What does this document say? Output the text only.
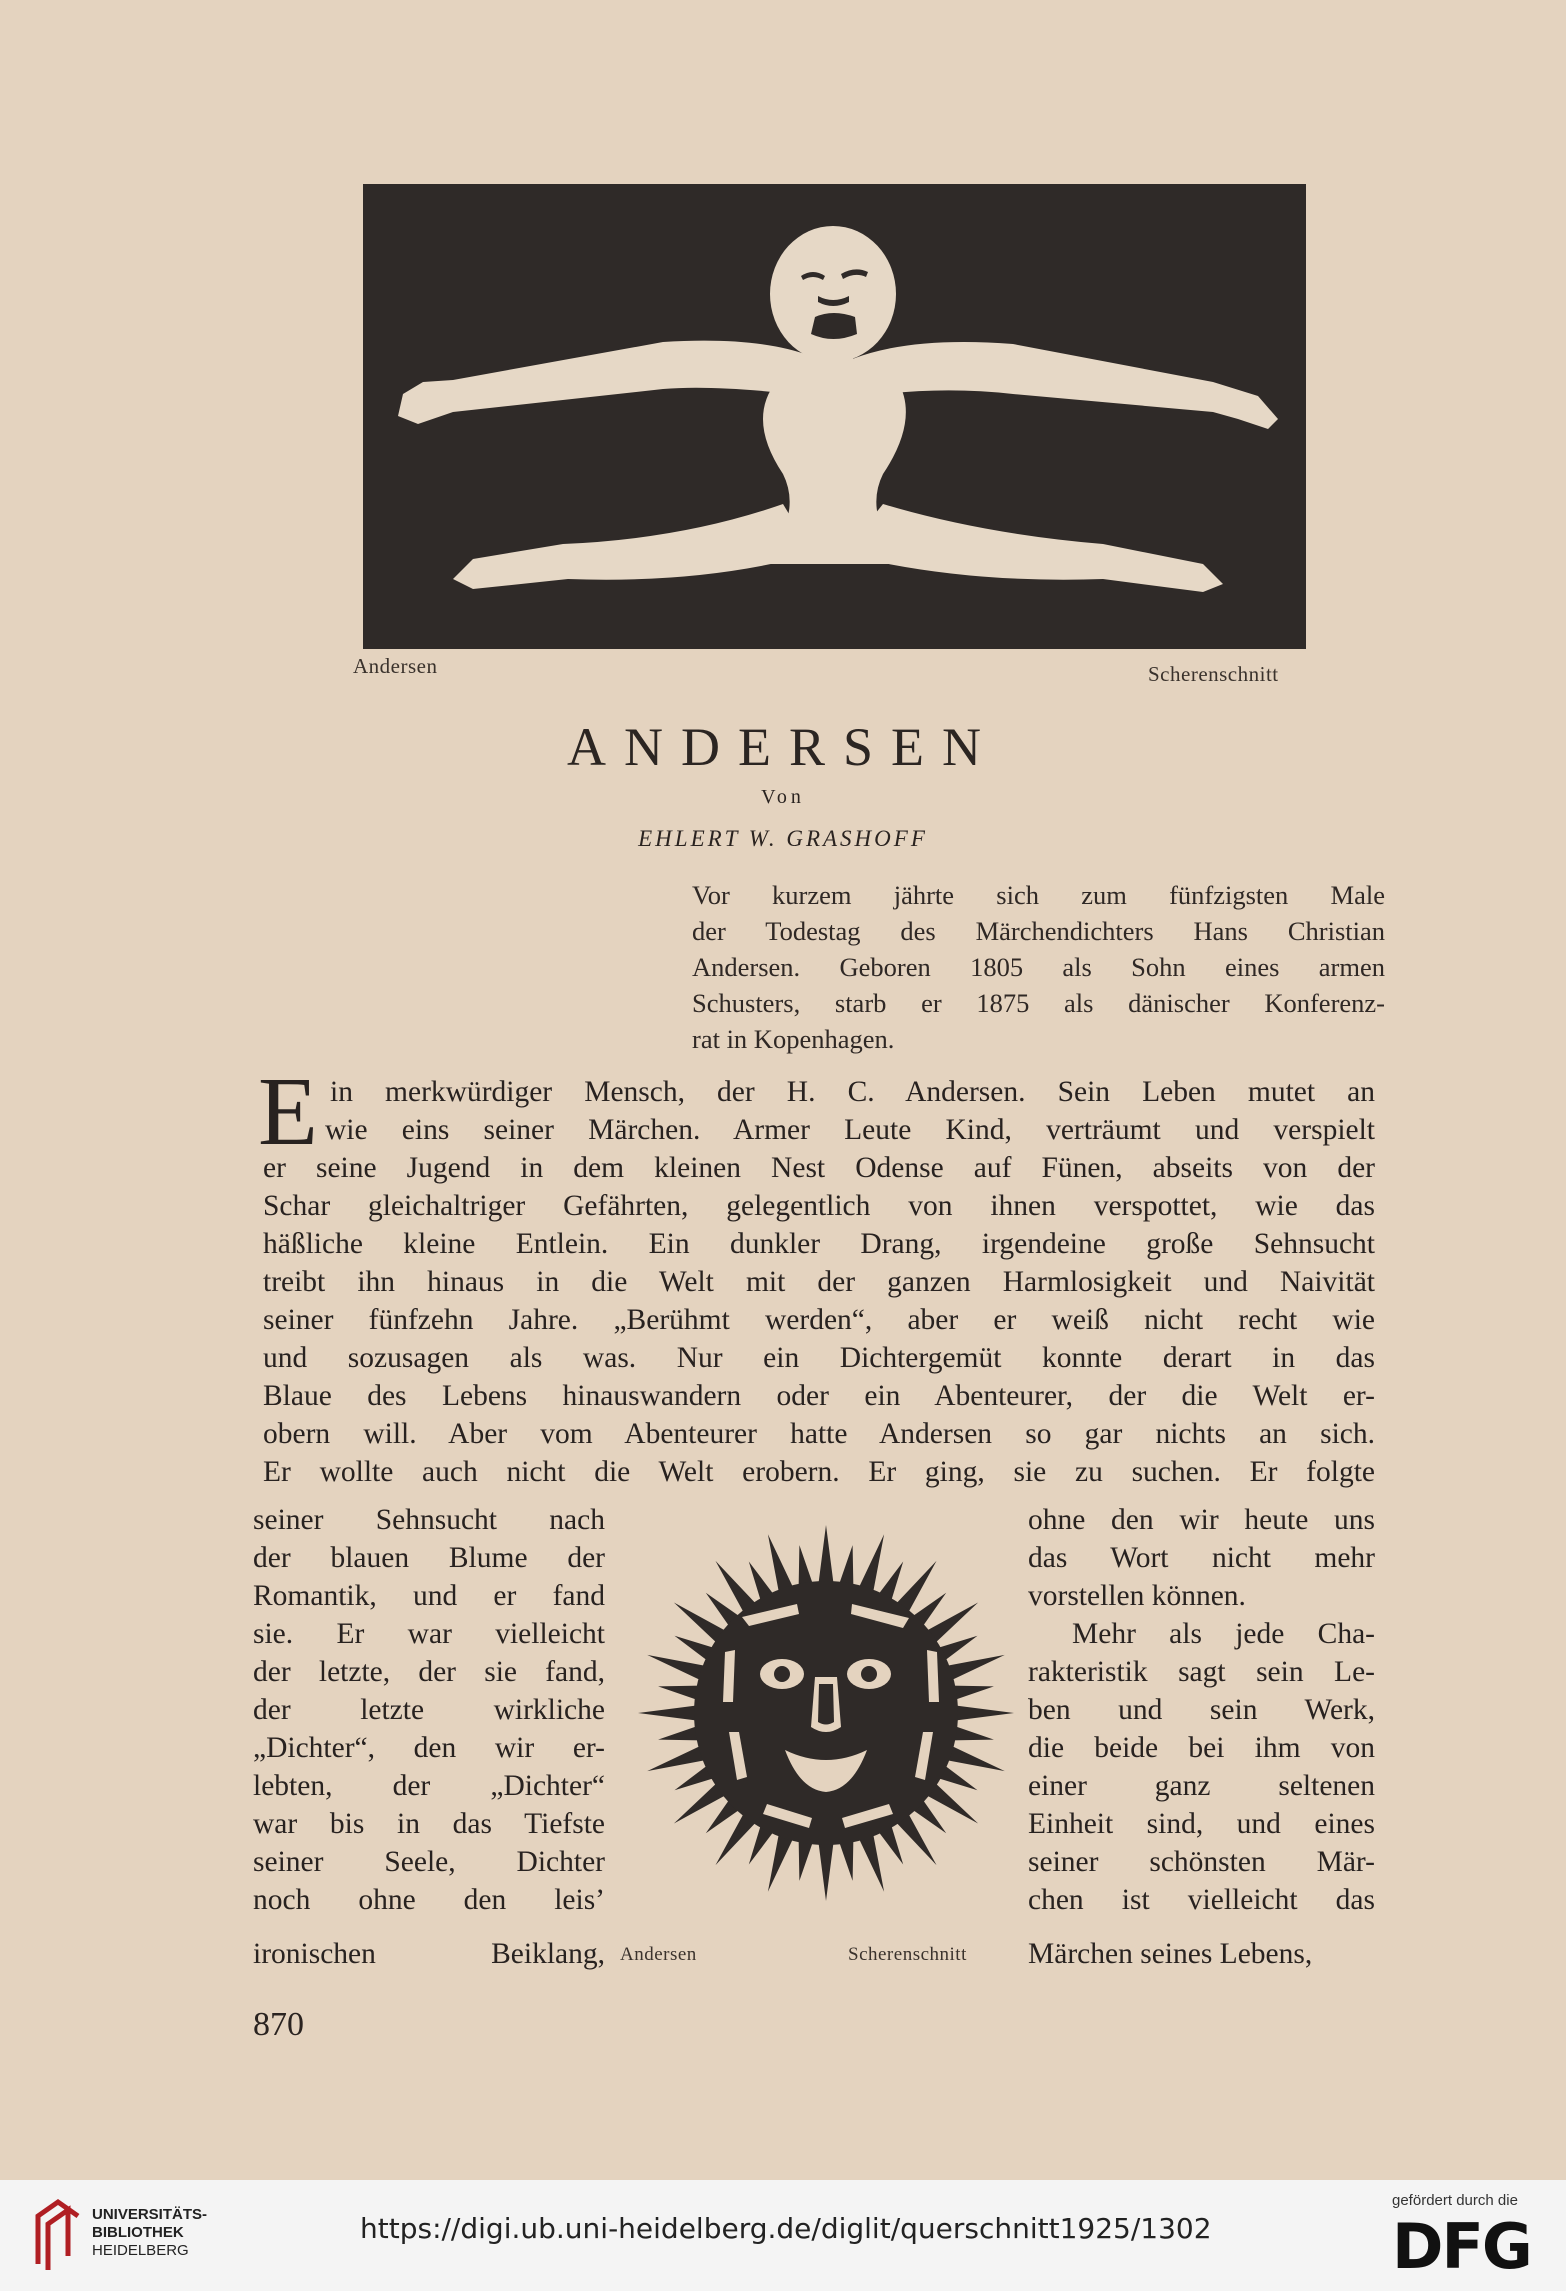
Andersen	Scherenschnitt
ANDERSEN
Von
EHLERT W. GRASHOFF
Vor kurzem jährte sich zum fünfzigsten Male
der Todestag des Märchendichters Hans Christian
Andersen. Geboren 1805 als Sohn eines armen
Schusters, starb er 1875 als dänischer Konferenz-
rat in Kopenhagen.
E in merkwürdiger Mensch, der H. C. Andersen. Sein Leben mutet an
wie eins seiner Märchen. Armer Leute Kind, verträumt und verspielt
er seine Jugend in dem kleinen Nest Odense auf Fünen, abseits von der
Schar gleichaltriger Gefährten, gelegentlich von ihnen verspottet, wie das
häßliche kleine Entlein. Ein dunkler Drang, irgendeine große Sehnsucht
treibt ihn hinaus in die Welt mit der ganzen Harmlosigkeit und Naivität
seiner fünfzehn Jahre. „Berühmt werden“, aber er weiß nicht recht wie
und sozusagen als was. Nur ein Dichtergemüt konnte derart in das
Blaue des Lebens hinauswandern oder ein Abenteurer, der die Welt er-
obern will. Aber vom Abenteurer hatte Andersen so gar nichts an sich.
Er wollte auch nicht die Welt erobern. Er ging, sie zu suchen. Er folgte
seiner Sehnsucht nach
der blauen Blume der
Romantik, und er fand
sie. Er war vielleicht
der letzte, der sie fand,
der letzte wirkliche
„Dichter“, den wir er-
lebten, der „Dichter“
war bis in das Tiefste
seiner Seele, Dichter
noch ohne den leis’
ironischen Beiklang,
ohne den wir heute uns
das Wort nicht mehr
vorstellen können.
Mehr als jede Cha-
rakteristik sagt sein Le-
ben und sein Werk,
die beide bei ihm von
einer ganz seltenen
Einheit sind, und eines
seiner schönsten Mär-
chen ist vielleicht das
Märchen seines Lebens,
Andersen	Scherenschnitt
870
UNIVERSITÄTS-
BIBLIOTHEK
HEIDELBERG
https://digi.ub.uni-heidelberg.de/diglit/querschnitt1925/1302
gefördert durch die
DFG
